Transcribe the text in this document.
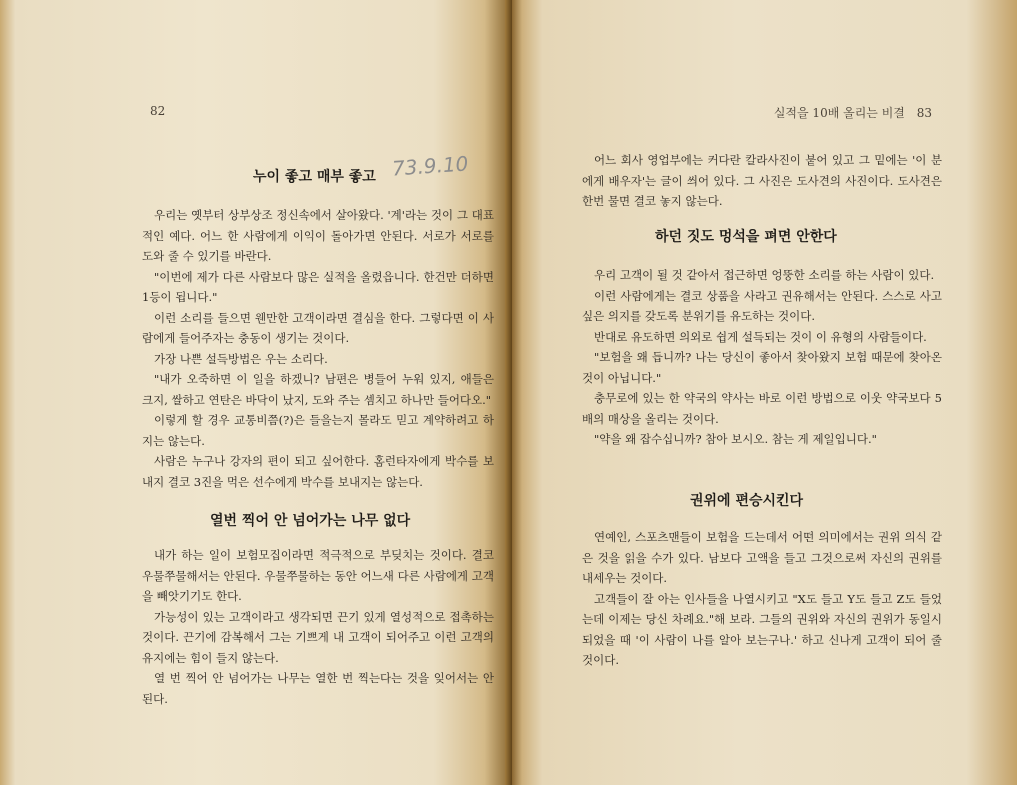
82
누이 좋고 매부 좋고 73.9.10
우리는 옛부터 상부상조 정신속에서 살아왔다. '계'라는 것이 그 대표적인 예다. 어느 한 사람에게 이익이 돌아가면 안된다. 서로가 서로를 도와 줄 수 있기를 바란다.
"이번에 제가 다른 사람보다 많은 실적을 올렸읍니다. 한건만 더하면 1등이 됩니다."
이런 소리를 들으면 웬만한 고객이라면 결심을 한다. 그렇다면 이 사람에게 들어주자는 충동이 생기는 것이다.
가장 나쁜 설득방법은 우는 소리다.
"내가 오죽하면 이 일을 하겠니? 남편은 병들어 누워 있지, 애들은 크지, 쌀하고 연탄은 바닥이 났지, 도와 주는 셈치고 하나만 들어다오."
이렇게 할 경우 교통비쯤(?)은 들을는지 몰라도 믿고 계약하려고 하지는 않는다.
사람은 누구나 강자의 편이 되고 싶어한다. 홈런타자에게 박수를 보내지 결코 3진을 먹은 선수에게 박수를 보내지는 않는다.
열번 찍어 안 넘어가는 나무 없다
내가 하는 일이 보험모집이라면 적극적으로 부딪치는 것이다. 결코 우물쭈물해서는 안된다. 우물쭈물하는 동안 어느새 다른 사람에게 고객을 빼앗기기도 한다.
가능성이 있는 고객이라고 생각되면 끈기 있게 열성적으로 접촉하는 것이다. 끈기에 감복해서 그는 기쁘게 내 고객이 되어주고 이런 고객의 유지에는 힘이 들지 않는다.
열 번 찍어 안 넘어가는 나무는 열한 번 찍는다는 것을 잊어서는 안된다.
실적을 10배 올리는 비결 83
어느 회사 영업부에는 커다란 칼라사진이 붙어 있고 그 밑에는 '이 분에게 배우자'는 글이 씌어 있다. 그 사진은 도사견의 사진이다. 도사견은 한번 물면 결코 놓지 않는다.
하던 짓도 멍석을 펴면 안한다
우리 고객이 될 것 같아서 접근하면 엉뚱한 소리를 하는 사람이 있다.
이런 사람에게는 결코 상품을 사라고 권유해서는 안된다. 스스로 사고 싶은 의지를 갖도록 분위기를 유도하는 것이다.
반대로 유도하면 의외로 쉽게 설득되는 것이 이 유형의 사람들이다.
"보험을 왜 듭니까? 나는 당신이 좋아서 찾아왔지 보험 때문에 찾아온 것이 아닙니다."
충무로에 있는 한 약국의 약사는 바로 이런 방법으로 이웃 약국보다 5배의 매상을 올리는 것이다.
"약을 왜 잡수십니까? 참아 보시오. 참는 게 제일입니다."
권위에 편승시킨다
연예인, 스포츠맨들이 보험을 드는데서 어떤 의미에서는 권위 의식 같은 것을 읽을 수가 있다. 남보다 고액을 들고 그것으로써 자신의 권위를 내세우는 것이다.
고객들이 잘 아는 인사들을 나열시키고 "X도 들고 Y도 들고 Z도 들었는데 이제는 당신 차례요."해 보라. 그들의 권위와 자신의 권위가 동일시 되었을 때 '이 사람이 나를 알아 보는구나.' 하고 신나게 고객이 되어 줄 것이다.
